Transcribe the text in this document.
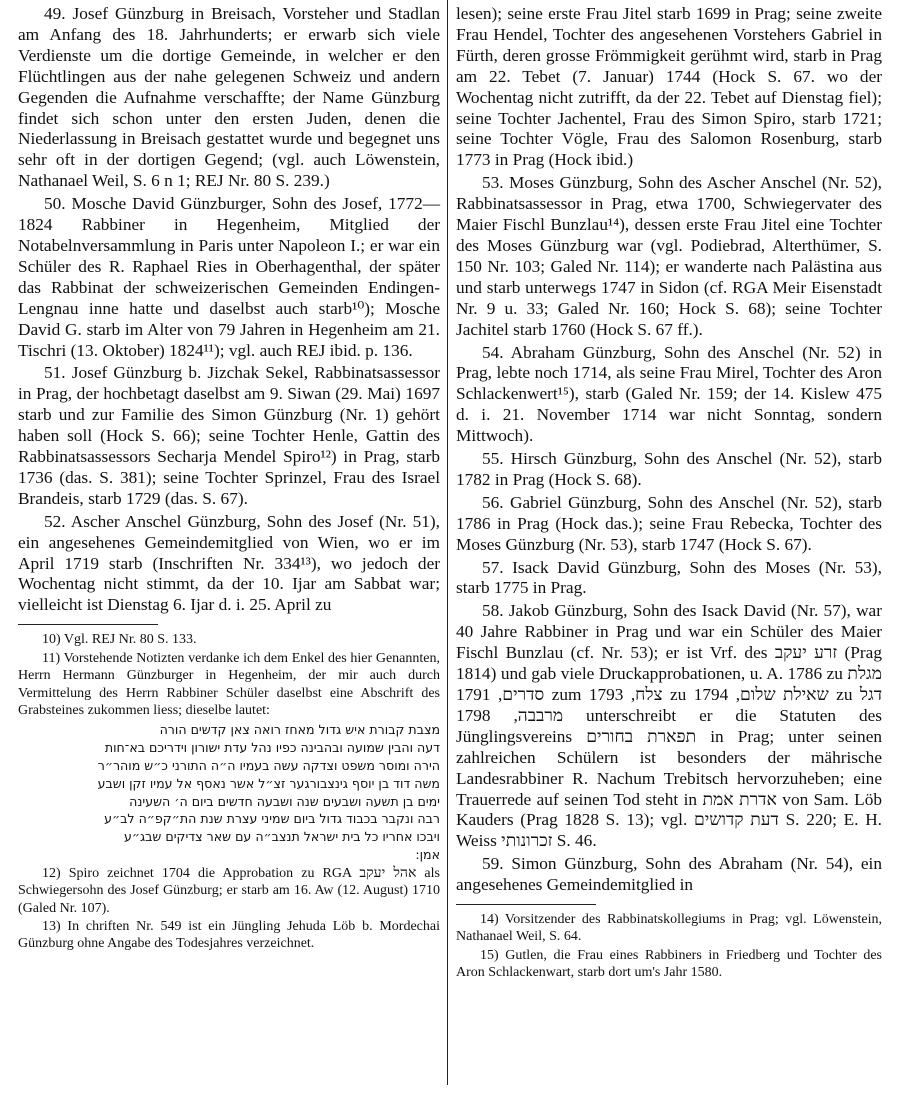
49. Josef Günzburg in Breisach, Vorsteher und Stadlan am Anfang des 18. Jahrhunderts; er erwarb sich viele Verdienste um die dortige Gemeinde, in welcher er den Flüchtlingen aus der nahe gelegenen Schweiz und andern Gegenden die Aufnahme verschaffte; der Name Günzburg findet sich schon unter den ersten Juden, denen die Niederlassung in Breisach gestattet wurde und begegnet uns sehr oft in der dortigen Gegend; (vgl. auch Löwenstein, Nathanael Weil, S. 6 n 1; REJ Nr. 80 S. 239.)

50. Mosche David Günzburger, Sohn des Josef, 1772—1824 Rabbiner in Hegenheim, Mitglied der Notabelnversammlung in Paris unter Napoleon I.; er war ein Schüler des R. Raphael Ries in Oberhagenthal, der später das Rabbinat der schweizerischen Gemeinden Endingen-Lengnau inne hatte und daselbst auch starb¹⁰); Mosche David G. starb im Alter von 79 Jahren in Hegenheim am 21. Tischri (13. Oktober) 1824¹¹); vgl. auch REJ ibid. p. 136.

51. Josef Günzburg b. Jizchak Sekel, Rabbinatsassessor in Prag, der hochbetagt daselbst am 9. Siwan (29. Mai) 1697 starb und zur Familie des Simon Günzburg (Nr. 1) gehört haben soll (Hock S. 66); seine Tochter Henle, Gattin des Rabbinatsassessors Secharja Mendel Spiro¹²) in Prag, starb 1736 (das. S. 381); seine Tochter Sprinzel, Frau des Israel Brandeis, starb 1729 (das. S. 67).

52. Ascher Anschel Günzburg, Sohn des Josef (Nr. 51), ein angesehenes Gemeindemitglied von Wien, wo er im April 1719 starb (Inschriften Nr. 334¹³), wo jedoch der Wochentag nicht stimmt, da der 10. Ijar am Sabbat war; vielleicht ist Dienstag 6. Ijar d. i. 25. April zu

10) Vgl. REJ Nr. 80 S. 133.

11) Vorstehende Notizten verdanke ich dem Enkel des hier Genannten, Herrn Hermann Günzburger in Hegenheim, der mir auch durch Vermittelung des Herrn Rabbiner Schüler daselbst eine Abschrift des Grabsteines zukommen liess; dieselbe lautet:

מצבת קבורת איש גדול מאחז רואה צאן קדשים הורה
דעה והבין שמועה ובהבינה כפיו נהל עדת ישורון וידריכם בא־חות
הירה ומוסר משפט וצדקה עשה בעמיו ה״ה התורני כ״ש מוהר״ר
משה דוד בן יוסף גינצבורגער זצ״ל אשר נאסף אל עמיו זקן ושבע
ימים בן תשעה ושבעים שנה ושבעה חדשים ביום ה׳ השעינה
רבה ונקבר בכבוד גדול ביום שמיני עצרת שנת הת״קפ״ה לב״ע
ויבכו אחריו כל בית ישראל תנצב״ה עם שאר צדיקים שבג״ע
אמן:

12) Spiro zeichnet 1704 die Approbation zu RGA אהל יעקב als Schwiegersohn des Josef Günzburg; er starb am 16. Aw (12. August) 1710 (Galed Nr. 107).

13) In chriften Nr. 549 ist ein Jüngling Jehuda Löb b. Mordechai Günzburg ohne Angabe des Todesjahres verzeichnet.

lesen); seine erste Frau Jitel starb 1699 in Prag; seine zweite Frau Hendel, Tochter des angesehenen Vorstehers Gabriel in Fürth, deren grosse Frömmigkeit gerühmt wird, starb in Prag am 22. Tebet (7. Januar) 1744 (Hock S. 67. wo der Wochentag nicht zutrifft, da der 22. Tebet auf Dienstag fiel); seine Tochter Jachentel, Frau des Simon Spiro, starb 1721; seine Tochter Vögle, Frau des Salomon Rosenburg, starb 1773 in Prag (Hock ibid.)

53. Moses Günzburg, Sohn des Ascher Anschel (Nr. 52), Rabbinatsassessor in Prag, etwa 1700, Schwiegervater des Maier Fischl Bunzlau¹⁴), dessen erste Frau Jitel eine Tochter des Moses Günzburg war (vgl. Podiebrad, Alterthümer, S. 150 Nr. 103; Galed Nr. 114); er wanderte nach Palästina aus und starb unterwegs 1747 in Sidon (cf. RGA Meir Eisenstadt Nr. 9 u. 33; Galed Nr. 160; Hock S. 68); seine Tochter Jachitel starb 1760 (Hock S. 67 ff.).

54. Abraham Günzburg, Sohn des Anschel (Nr. 52) in Prag, lebte noch 1714, als seine Frau Mirel, Tochter des Aron Schlackenwert¹⁵), starb (Galed Nr. 159; der 14. Kislew 475 d. i. 21. November 1714 war nicht Sonntag, sondern Mittwoch).

55. Hirsch Günzburg, Sohn des Anschel (Nr. 52), starb 1782 in Prag (Hock S. 68).

56. Gabriel Günzburg, Sohn des Anschel (Nr. 52), starb 1786 in Prag (Hock das.); seine Frau Rebecka, Tochter des Moses Günzburg (Nr. 53), starb 1747 (Hock S. 67).

57. Isack David Günzburg, Sohn des Moses (Nr. 53), starb 1775 in Prag.

58. Jakob Günzburg, Sohn des Isack David (Nr. 57), war 40 Jahre Rabbiner in Prag und war ein Schüler des Maier Fischl Bunzlau (cf. Nr. 53); er ist Vrf. des זרע יעקב (Prag 1814) und gab viele Druckapprobationen, u. A. 1786 zu מגלת סדרים, 1791 zum צלח, 1793 zu שאילת שלום, 1794 zu דגל מרבבה, 1798 unterschreibt er die Statuten des Jünglingsvereins תפארת בחורים in Prag; unter seinen zahlreichen Schülern ist besonders der mährische Landesrabbiner R. Nachum Trebitsch hervorzuheben; eine Trauerrede auf seinen Tod steht in אדרת אמת von Sam. Löb Kauders (Prag 1828 S. 13); vgl. דעת קדושים S. 220; E. H. Weiss זכרונותי S. 46.

59. Simon Günzburg, Sohn des Abraham (Nr. 54), ein angesehenes Gemeindemitglied in

14) Vorsitzender des Rabbinatskollegiums in Prag; vgl. Löwenstein, Nathanael Weil, S. 64.

15) Gutlen, die Frau eines Rabbiners in Friedberg und Tochter des Aron Schlackenwart, starb dort um's Jahr 1580.
